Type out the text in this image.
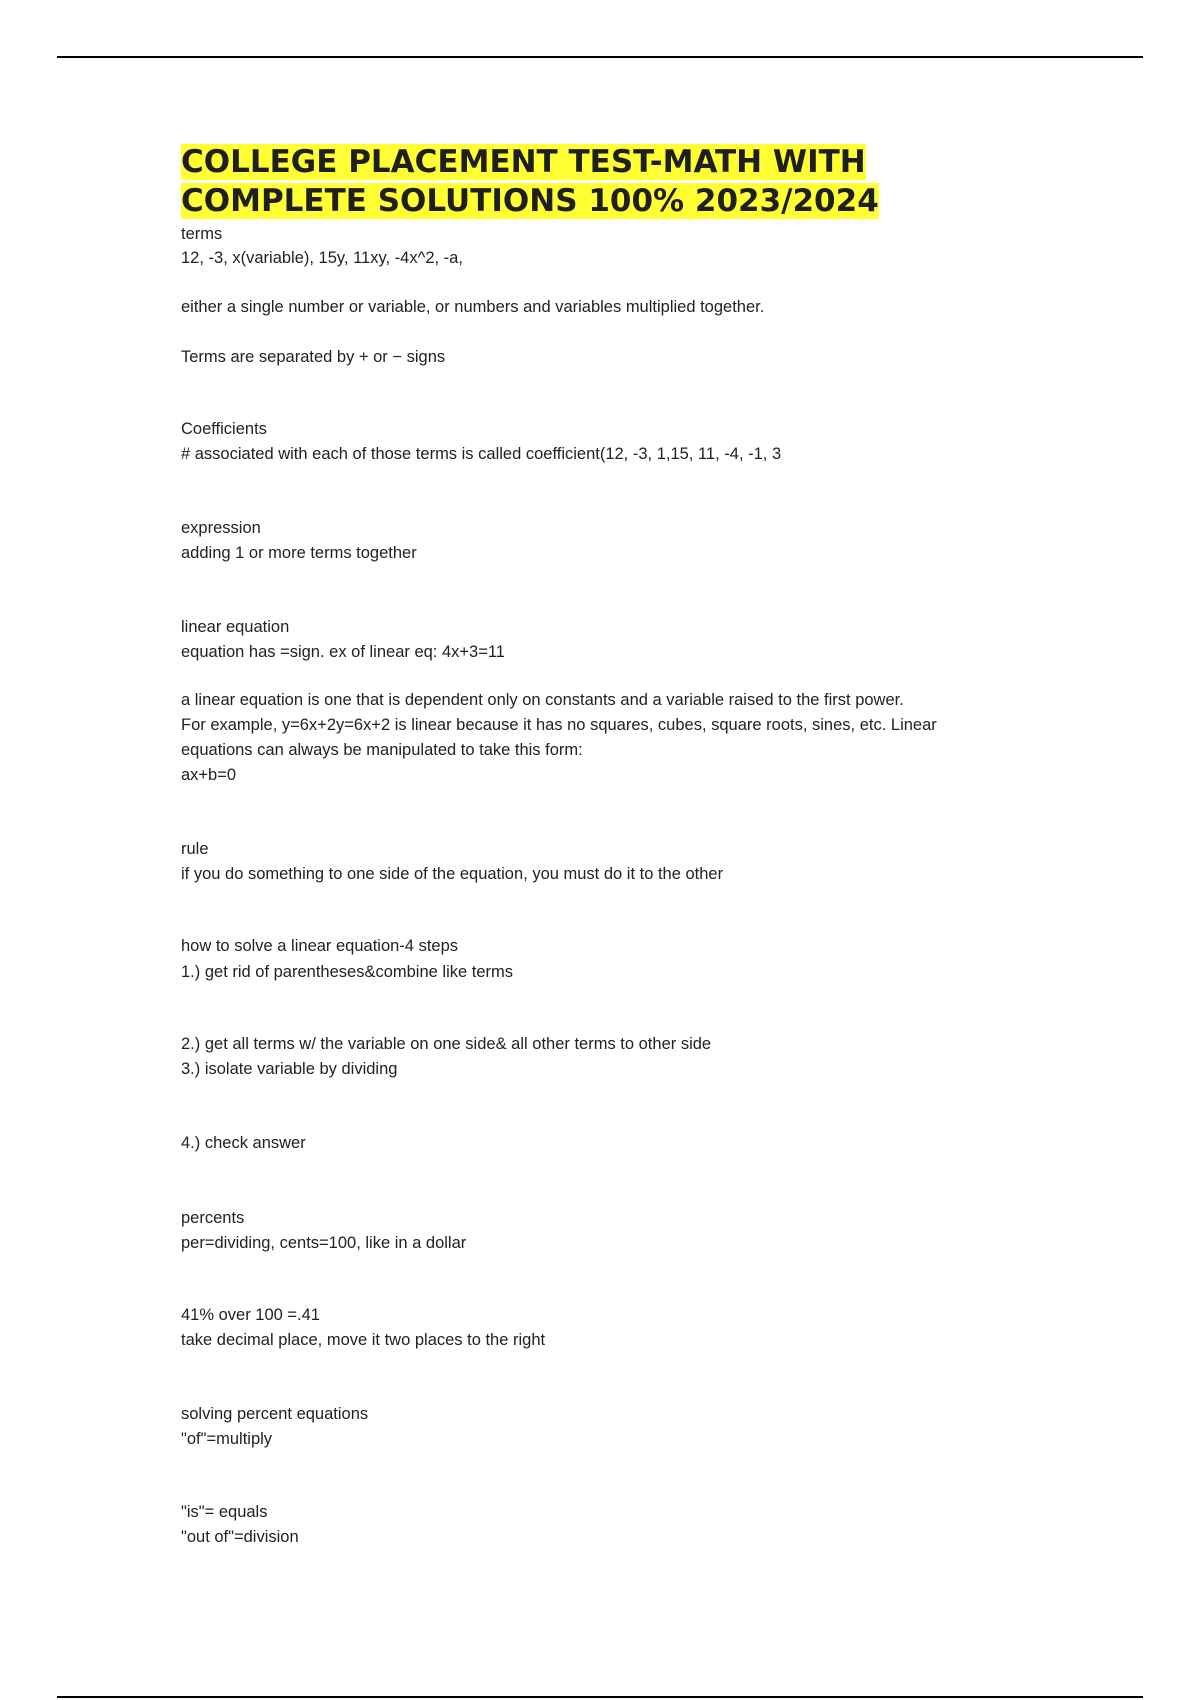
COLLEGE PLACEMENT TEST-MATH WITH
COMPLETE SOLUTIONS 100% 2023/2024

terms

12, -3, x(variable), 15y, 11xy, -4x^2, -a,

either a single number or variable, or numbers and variables multiplied together.

Terms are separated by + or − signs

Coefficients

# associated with each of those terms is called coefficient(12, -3, 1,15, 11, -4, -1, 3

expression

adding 1 or more terms together

linear equation

equation has =sign. ex of linear eq: 4x+3=11

a linear equation is one that is dependent only on constants and a variable raised to the first power.

For example, y=6x+2y=6x+2 is linear because it has no squares, cubes, square roots, sines, etc. Linear

equations can always be manipulated to take this form:

ax+b=0

rule

if you do something to one side of the equation, you must do it to the other

how to solve a linear equation-4 steps

1.) get rid of parentheses&combine like terms

2.) get all terms w/ the variable on one side& all other terms to other side

3.) isolate variable by dividing

4.) check answer

percents

per=dividing, cents=100, like in a dollar

41% over 100 =.41

take decimal place, move it two places to the right

solving percent equations

"of"=multiply

"is"= equals

"out of"=division
